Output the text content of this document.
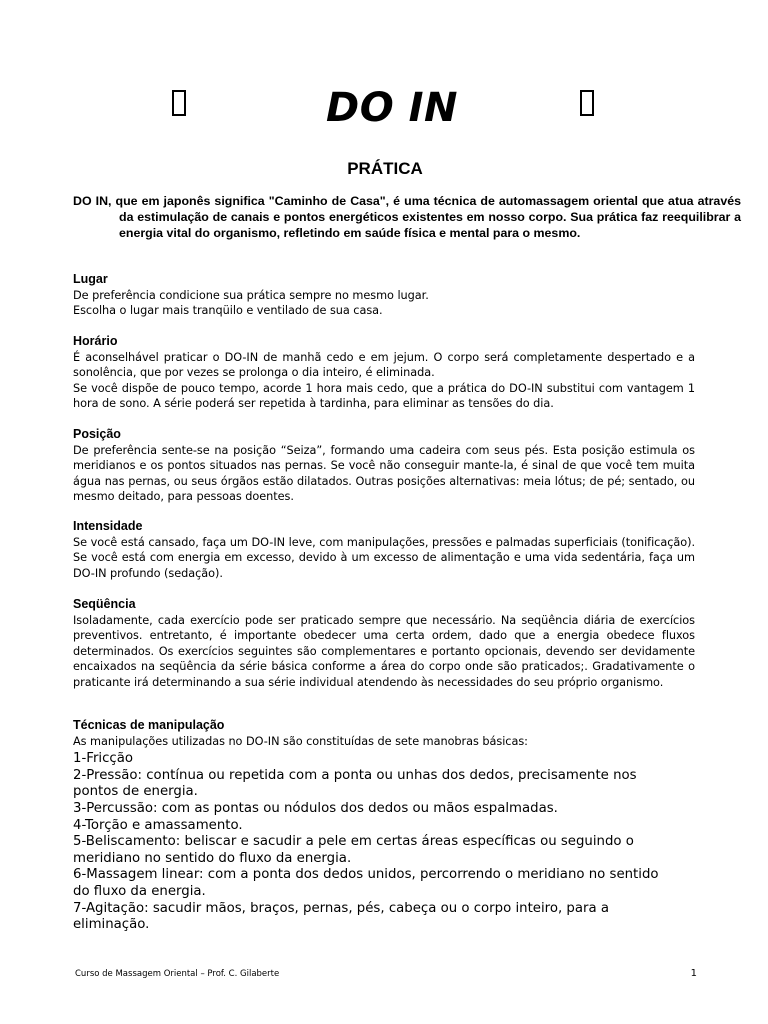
DO IN
PRÁTICA
DO IN, que em japonês significa "Caminho de Casa", é uma técnica de automassagem oriental que atua através da estimulação de canais e pontos energéticos existentes em nosso corpo. Sua prática faz reequilibrar a energia vital do organismo, refletindo em saúde física e mental para o mesmo.
Lugar

De preferência condicione sua prática sempre no mesmo lugar.

Escolha o lugar mais tranqüilo e ventilado de sua casa.

Horário

É aconselhável praticar o DO-IN de manhã cedo e em jejum. O corpo será completamente despertado e a sonolência, que por vezes se prolonga o dia inteiro, é eliminada.

Se você dispõe de pouco tempo, acorde 1 hora mais cedo, que a prática do DO-IN substitui com vantagem 1 hora de sono. A série poderá ser repetida à tardinha, para eliminar as tensões do dia.

Posição

De preferência sente-se na posição “Seiza”, formando uma cadeira com seus pés. Esta posição estimula os meridianos e os pontos situados nas pernas. Se você não conseguir mante-la, é sinal de que você tem muita água nas pernas, ou seus órgãos estão dilatados. Outras posições alternativas: meia lótus; de pé; sentado, ou mesmo deitado, para pessoas doentes.

Intensidade

Se você está cansado, faça um DO-IN leve, com manipulações, pressões e palmadas superficiais (tonificação). Se você está com energia em excesso, devido à um excesso de alimentação e uma vida sedentária, faça um DO-IN profundo (sedação).

Seqüência

Isoladamente, cada exercício pode ser praticado sempre que necessário. Na seqüência diária de exercícios preventivos. entretanto, é importante obedecer uma certa ordem, dado que a energia obedece fluxos determinados. Os exercícios seguintes são complementares e portanto opcionais, devendo ser devidamente encaixados na seqüência da série básica conforme a área do corpo onde são praticados;. Gradativamente o praticante irá determinando a sua série individual atendendo às necessidades do seu próprio organismo.

Técnicas de manipulação

As manipulações utilizadas no DO-IN são constituídas de sete manobras básicas:

1-Fricção
2-Pressão: contínua ou repetida com a ponta ou unhas dos dedos, precisamente nos pontos de energia.
3-Percussão: com as pontas ou nódulos dos dedos ou mãos espalmadas.
4-Torção e amassamento.
5-Beliscamento: beliscar e sacudir a pele em certas áreas específicas ou seguindo o meridiano no sentido do fluxo da energia.
6-Massagem linear: com a ponta dos dedos unidos, percorrendo o meridiano no sentido do fluxo da energia.
7-Agitação: sacudir mãos, braços, pernas, pés, cabeça ou o corpo inteiro, para a eliminação.
Curso de Massagem Oriental – Prof. C. Gilaberte	1
